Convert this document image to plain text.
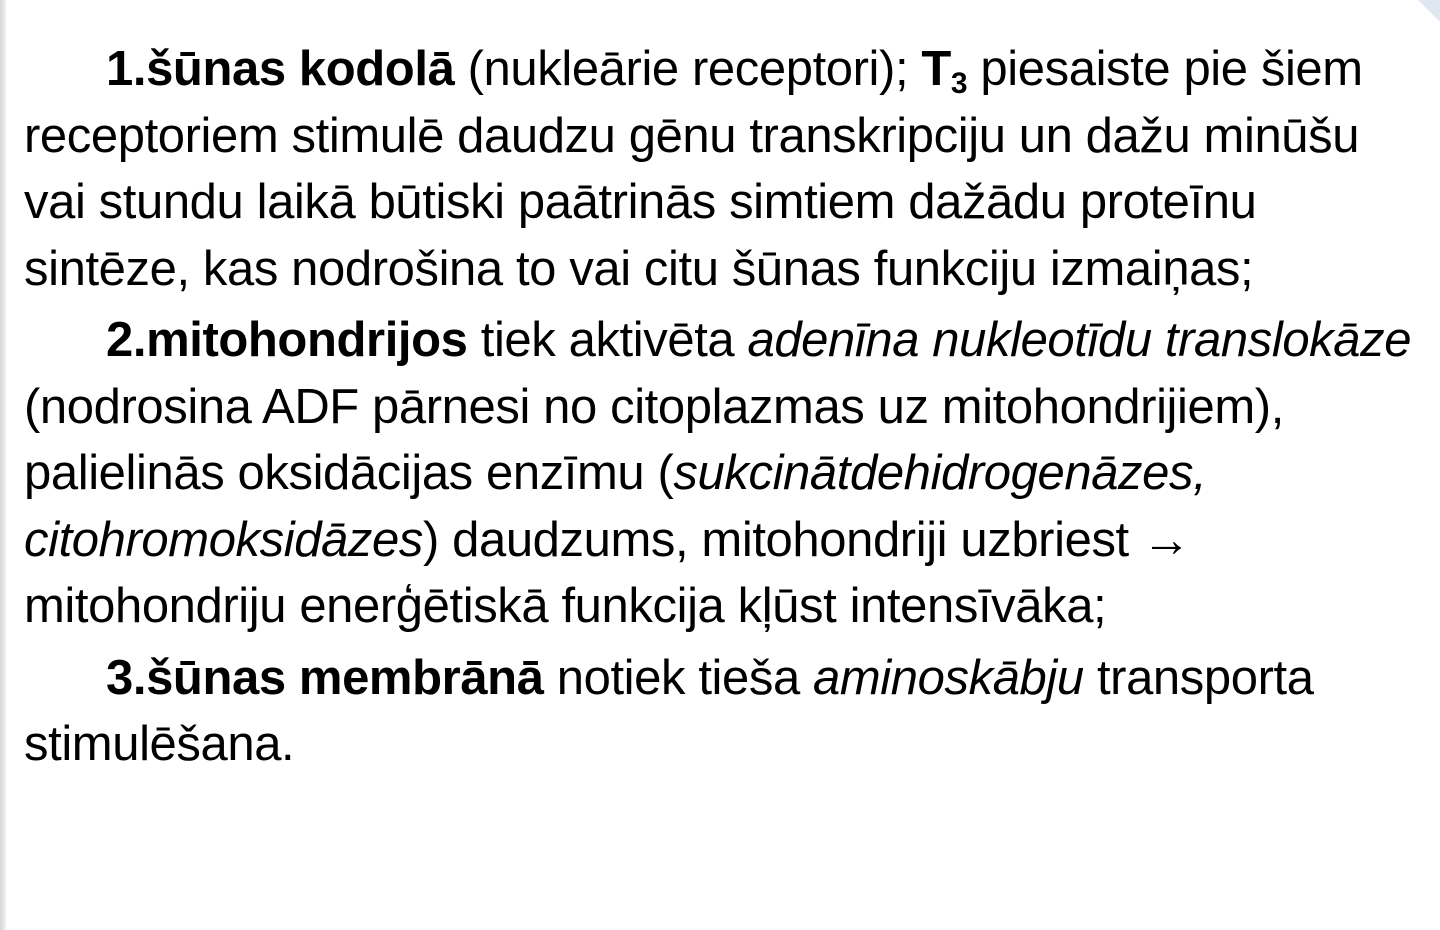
1.šūnas kodolā (nukleārie receptori); $T_3$ piesaiste pie šiem receptoriem stimulē daudzu gēnu transkripciju un dažu minūšu vai stundu laikā būtiski paātrinās simtiem dažādu proteīnu sintēze, kas nodrošina to vai citu šūnas funkciju izmaiņas;

2.mitohondrijos tiek aktivēta adenīna nukleotīdu translokāze (nodrosina ADF pārnesi no citoplazmas uz mitohondrijiem), palielinās oksidācijas enzīmu (sukcinātdehidrogenāzes, citohromoksidāzes) daudzums, mitohondriji uzbriest → mitohondriju enerģētiskā funkcija kļūst intensīvāka;

3.šūnas membrānā notiek tieša aminoskābju transporta stimulēšana.
